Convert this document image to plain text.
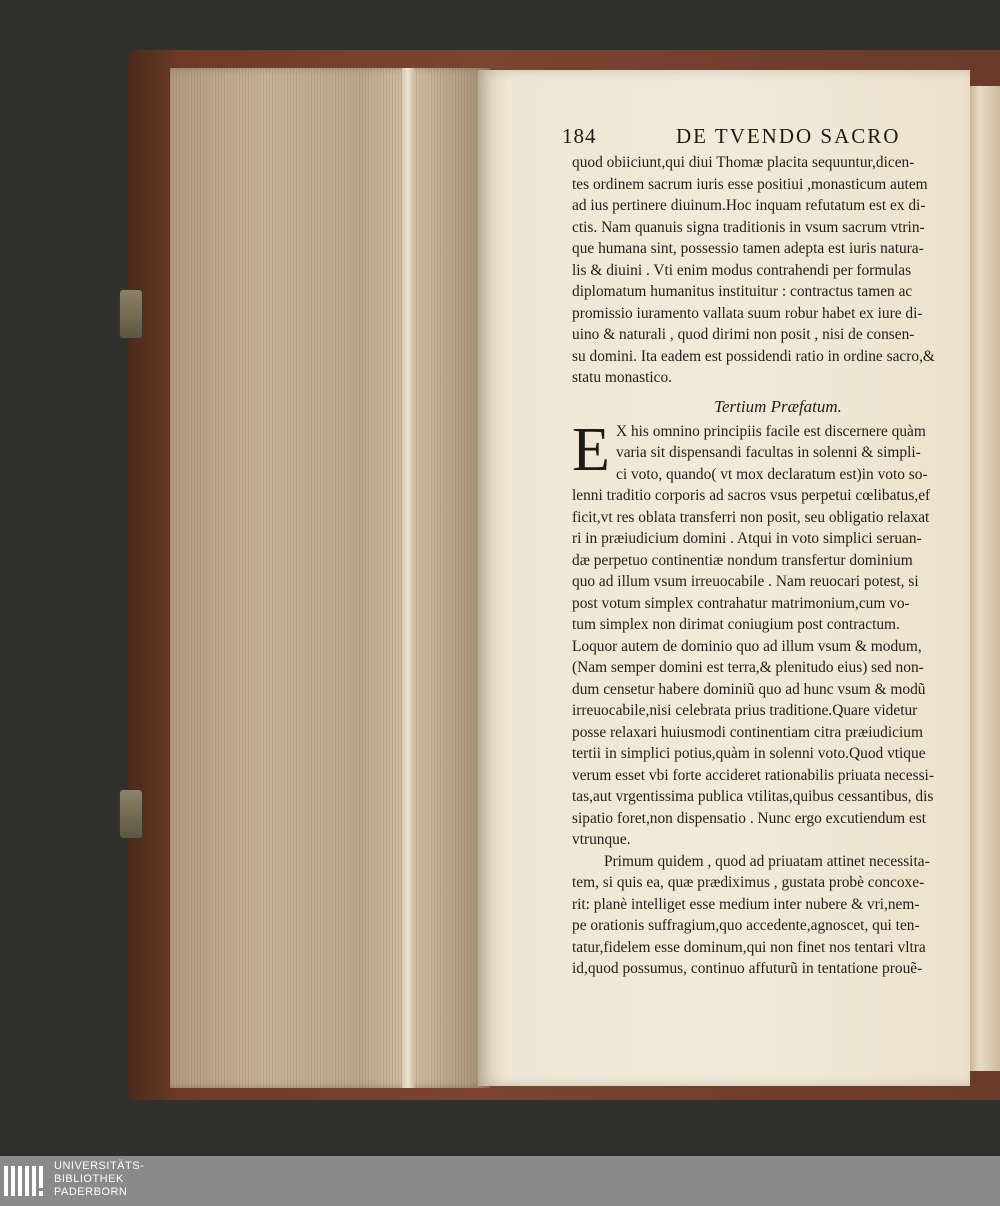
184	DE TVENDO SACRO
quod obiiciunt,qui diui Thomæ placita sequuntur,dicen-
tes ordinem sacrum iuris esse positiui ,monasticum autem
ad ius pertinere diuinum.Hoc inquam refutatum est ex di-
ctis. Nam quanuis signa traditionis in vsum sacrum vtrin-
que humana sint, possessio tamen adepta est iuris natura-
lis & diuini . Vti enim modus contrahendi per formulas
diplomatum humanitus instituitur : contractus tamen ac
promissio iuramento vallata suum robur habet ex iure di-
uino & naturali , quod dirimi non posit , nisi de consen-
su domini. Ita eadem est possidendi ratio in ordine sacro,&
statu monastico.
Tertium Præfatum.
E X his omnino principiis facile est discernere quàm
varia sit dispensandi facultas in solenni & simpli-
ci voto, quando( vt mox declaratum est)in voto so-
lenni traditio corporis ad sacros vsus perpetui cœlibatus,ef
ficit,vt res oblata transferri non posit, seu obligatio relaxat
ri in præiudicium domini . Atqui in voto simplici seruan-
dæ perpetuo continentiæ nondum transfertur dominium
quo ad illum vsum irreuocabile . Nam reuocari potest, si
post votum simplex contrahatur matrimonium,cum vo-
tum simplex non dirimat coniugium post contractum.
Loquor autem de dominio quo ad illum vsum & modum,
(Nam semper domini est terra,& plenitudo eius) sed non-
dum censetur habere dominiũ quo ad hunc vsum & modũ
irreuocabile,nisi celebrata prius traditione.Quare videtur
posse relaxari huiusmodi continentiam citra præiudicium
tertii in simplici potius,quàm in solenni voto.Quod vtique
verum esset vbi forte accideret rationabilis priuata necessi-
tas,aut vrgentissima publica vtilitas,quibus cessantibus, dis
sipatio foret,non dispensatio . Nunc ergo excutiendum est
vtrunque.
Primum quidem , quod ad priuatam attinet necessita-
tem, si quis ea, quæ prædiximus , gustata probè concoxe-
rit: planè intelliget esse medium inter nubere & vri,nem-
pe orationis suffragium,quo accedente,agnoscet, qui ten-
tatur,fidelem esse dominum,qui non finet nos tentari vltra
id,quod possumus, continuo affuturũ in tentatione prouẽ-
UNIVERSITÄTS-
BIBLIOTHEK
PADERBORN
